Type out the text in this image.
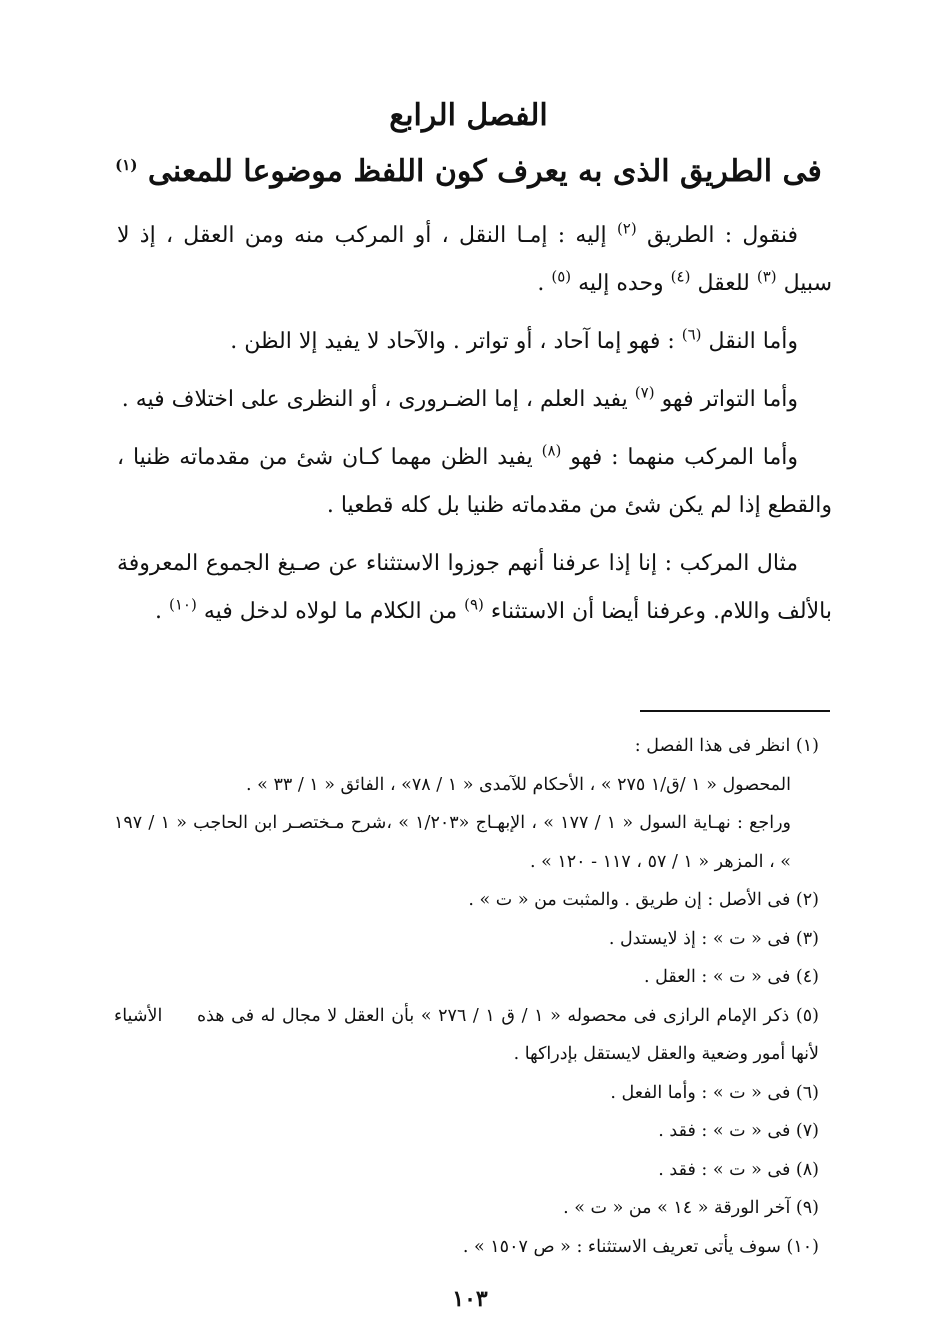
الفصل الرابع
فى الطريق الذى به يعرف كون اللفظ موضوعا للمعنى $^{(١)}$

فنقول : الطريق $^{(٢)}$ إليه : إمـا النقل ، أو المركب منه ومن العقل ، إذ لا سبيل $^{(٣)}$ للعقل $^{(٤)}$ وحده إليه $^{(٥)}$ .

وأما النقل $^{(٦)}$ : فهو إما آحاد ، أو تواتر . والآحاد لا يفيد إلا الظن .

وأما التواتر فهو $^{(٧)}$ يفيد العلم ، إما الضـرورى ، أو النظرى على اختلاف فيه .

وأما المركب منهما : فهو $^{(٨)}$ يفيد الظن مهما كـان شئ من مقدماته ظنيا ، والقطع إذا لم يكن شئ من مقدماته ظنيا بل كله قطعيا .

مثال المركب : إنا إذا عرفنا أنهم جوزوا الاستثناء عن صـيغ الجموع المعروفة بالألف واللام. وعرفنا أيضا أن الاستثناء $^{(٩)}$ من الكلام ما لولاه لدخل فيه $^{(١٠)}$ .

(١) انظر فى هذا الفصل :

المحصول « ١ /ق/١ ٢٧٥ » ، الأحكام للآمدى « ١ / ٧٨» ، الفائق « ١ / ٣٣ » .

وراجع : نهـاية السول « ١ / ١٧٧ » ، الإبهـاج «١/٢٠٣ » ،شرح مـختصـر ابن الحاجب « ١ / ١٩٧ » ، المزهر « ١ / ٥٧ ، ١١٧ - ١٢٠ » .

(٢) فى الأصل : إن طريق . والمثبت من « ت » .

(٣) فى « ت » : إذ لايستدل .

(٤) فى « ت » : العقل .

(٥) ذكر الإمام الرازى فى محصوله « ١ / ق ١ / ٢٧٦ » بأن العقل لا مجال له فى هذه الأشياء لأنها أمور وضعية والعقل لايستقل بإدراكها .

(٦) فى « ت » : وأما الفعل .

(٧) فى « ت » : فقد .

(٨) فى « ت » : فقد .

(٩) آخر الورقة « ١٤ » من « ت » .

(١٠) سوف يأتى تعريف الاستثناء : « ص ١٥٠٧ » .

١٠٣
